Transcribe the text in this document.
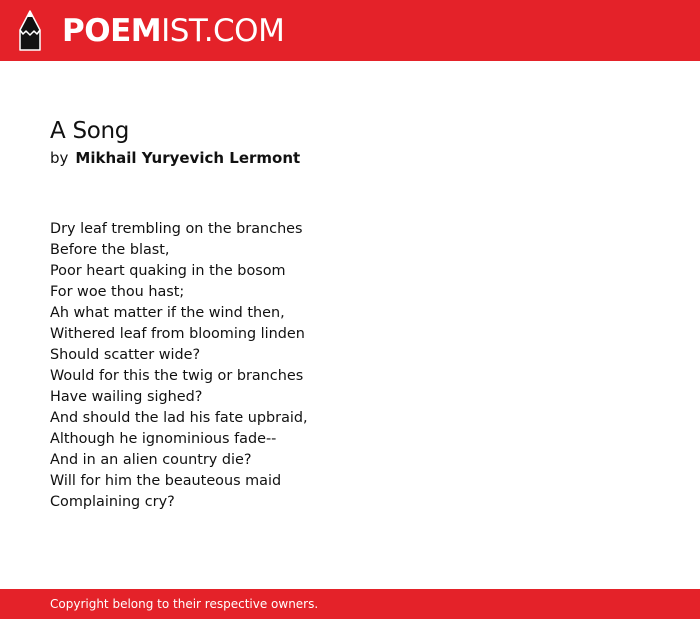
POEMIST.COM
A Song
by Mikhail Yuryevich Lermont
Dry leaf trembling on the branches
Before the blast,
Poor heart quaking in the bosom
For woe thou hast;
Ah what matter if the wind then,
Withered leaf from blooming linden
Should scatter wide?
Would for this the twig or branches
Have wailing sighed?
And should the lad his fate upbraid,
Although he ignominious fade--
And in an alien country die?
Will for him the beauteous maid
Complaining cry?
Copyright belong to their respective owners.
